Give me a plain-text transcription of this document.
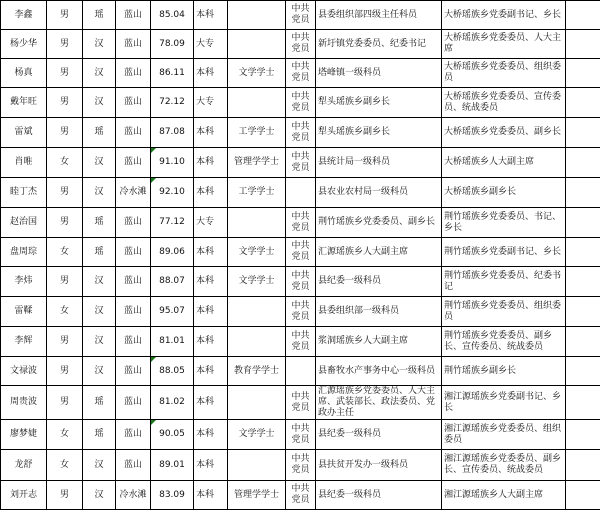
李鑫	男	瑶	蓝山	85.04	本科		中共党员	县委组织部四级主任科员	大桥瑶族乡党委副书记、乡长	
杨少华	男	汉	蓝山	78.09	大专		中共党员	新圩镇党委委员、纪委书记	大桥瑶族乡党委委员、人大主席	
杨真	男	汉	蓝山	86.11	本科	文学学士	中共党员	塔峰镇一级科员	大桥瑶族乡党委委员、组织委员	
戴年旺	男	汉	蓝山	72.12	大专		中共党员	犁头瑶族乡副乡长	大桥瑶族乡党委委员、宣传委员、统战委员	
雷斌	男	瑶	蓝山	87.08	本科	工学学士	中共党员	犁头瑶族乡副乡长	大桥瑶族乡党委委员、副乡长	
肖唯	女	汉	蓝山	91.10	本科	管理学学士	中共党员	县统计局一级科员	大桥瑶族乡人大副主席	
睦丁杰	男	汉	冷水滩	92.10	本科	工学学士		县农业农村局一级科员	大桥瑶族乡副乡长	
赵治国	男	瑶	蓝山	77.12	大专		中共党员	荆竹瑶族乡党委委员、副乡长	荆竹瑶族乡党委委员、书记、乡长	
盘周琮	女	瑶	蓝山	89.06	本科	文学学士	中共党员	汇源瑶族乡人大副主席	荆竹瑶族乡党委副书记、乡长	
李炜	男	汉	蓝山	88.07	本科	文学学士	中共党员	县纪委一级科员	荆竹瑶族乡党委委员、纪委书记	
雷鞣	女	汉	蓝山	95.07	本科		中共党员	县委组织部一级科员	荆竹瑶族乡党委委员、组织委员	
李辉	男	汉	蓝山	81.01	本科		中共党员	浆洞瑶族乡人大副主席	荆竹瑶族乡党委委员、副乡长、宣传委员、统战委员	
文禄波	男	汉	蓝山	88.05	本科	教育学学士		县畜牧水产事务中心一级科员	荆竹瑶族乡副乡长	
周贵波	男	瑶	蓝山	81.02	本科		中共党员	汇源瑶族乡党委委员、人大主席、武装部长、政法委员、党政办主任	湘江源瑶族乡党委副书记、乡长	
廖梦婕	女	瑶	蓝山	90.05	本科	文学学士	中共党员	县纪委一级科员	湘江源瑶族乡党委委员、组织委员	
龙舒	女	汉	蓝山	89.01	本科		中共党员	县扶贫开发办一级科员	湘江源瑶族乡党委委员、副乡长、宣传委员、统战委员	
刘开志	男	汉	冷水滩	83.09	本科	管理学学士	中共党员	县纪委一级科员	湘江源瑶族乡人大副主席	
